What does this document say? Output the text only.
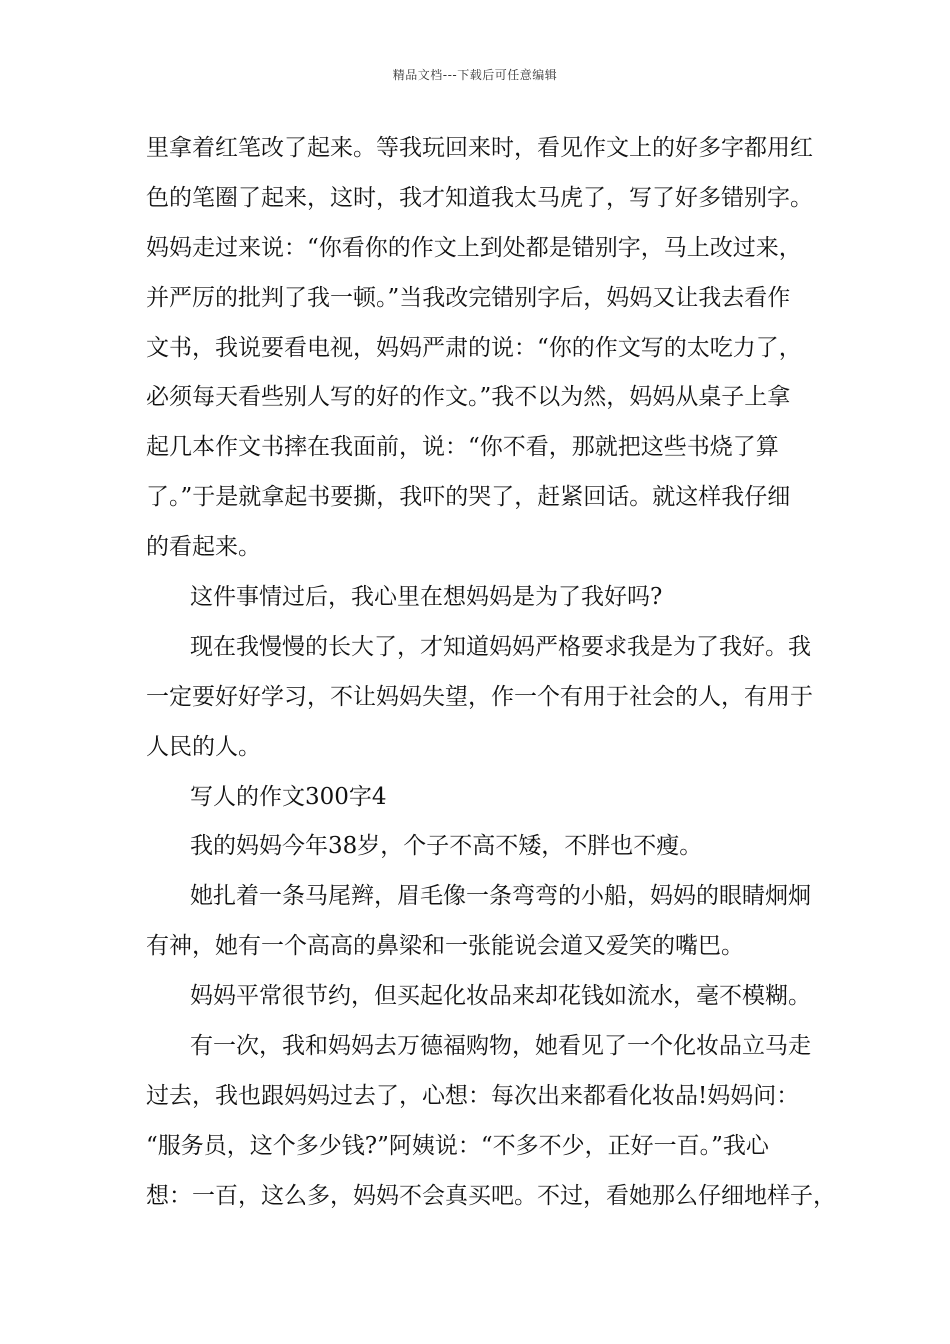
精品文档---下载后可任意编辑
里拿着红笔改了起来。等我玩回来时，看见作文上的好多字都用红
色的笔圈了起来，这时，我才知道我太马虎了，写了好多错别字。
妈妈走过来说：“你看你的作文上到处都是错别字，马上改过来，
并严厉的批判了我一顿。”当我改完错别字后，妈妈又让我去看作
文书，我说要看电视，妈妈严肃的说：“你的作文写的太吃力了，
必须每天看些别人写的好的作文。”我不以为然，妈妈从桌子上拿
起几本作文书摔在我面前，说：“你不看，那就把这些书烧了算
了。”于是就拿起书要撕，我吓的哭了，赶紧回话。就这样我仔细
的看起来。
这件事情过后，我心里在想妈妈是为了我好吗?
现在我慢慢的长大了，才知道妈妈严格要求我是为了我好。我
一定要好好学习，不让妈妈失望，作一个有用于社会的人，有用于
人民的人。
写人的作文300字4
我的妈妈今年38岁，个子不高不矮，不胖也不瘦。
她扎着一条马尾辫，眉毛像一条弯弯的小船，妈妈的眼睛炯炯
有神，她有一个高高的鼻梁和一张能说会道又爱笑的嘴巴。
妈妈平常很节约，但买起化妆品来却花钱如流水，毫不模糊。
有一次，我和妈妈去万德福购物，她看见了一个化妆品立马走
过去，我也跟妈妈过去了，心想：每次出来都看化妆品!妈妈问：
“服务员，这个多少钱?”阿姨说：“不多不少，正好一百。”我心
想：一百，这么多，妈妈不会真买吧。不过，看她那么仔细地样子，
